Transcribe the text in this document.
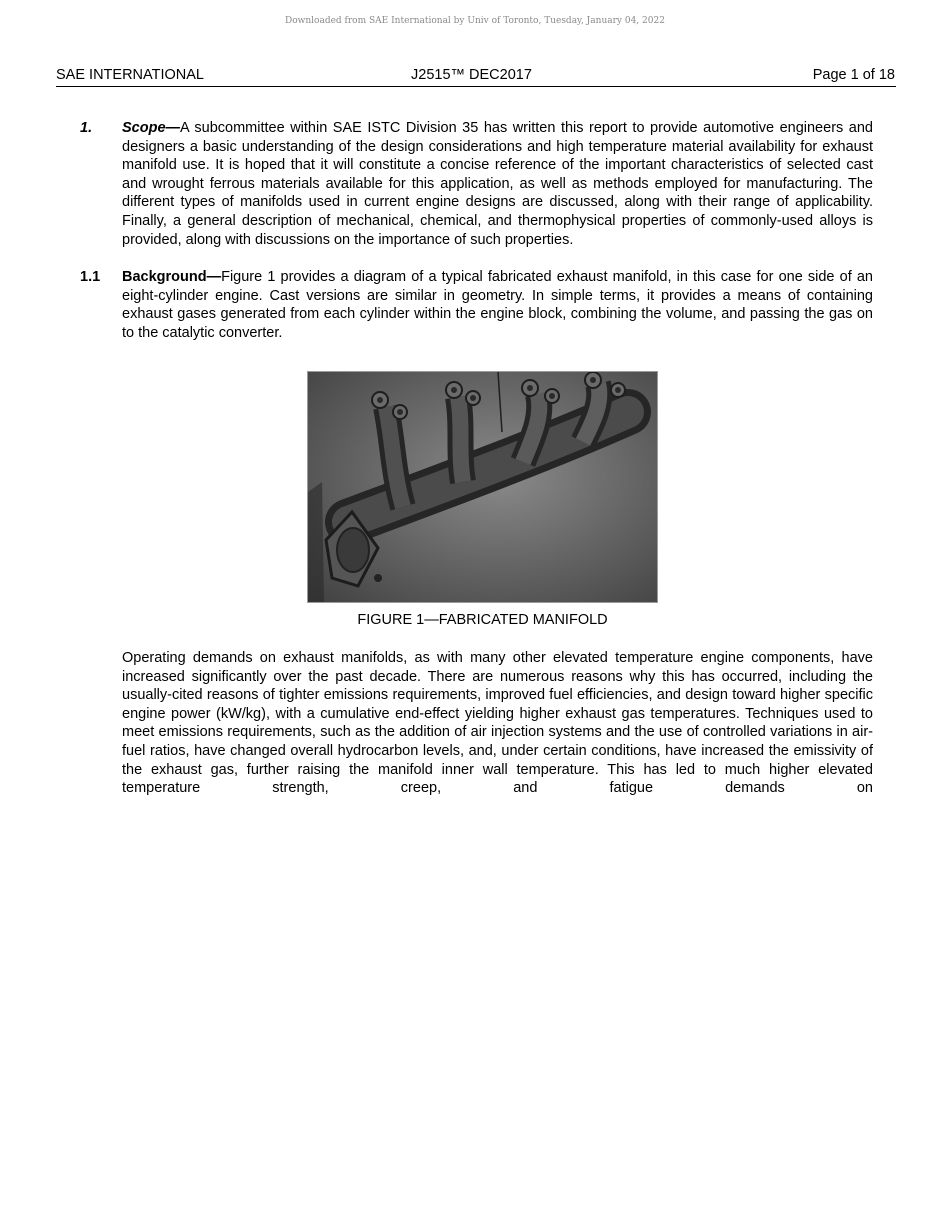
Downloaded from SAE International by Univ of Toronto, Tuesday, January 04, 2022
SAE INTERNATIONAL	J2515™ DEC2017	Page 1 of 18
1. Scope—A subcommittee within SAE ISTC Division 35 has written this report to provide automotive engineers and designers a basic understanding of the design considerations and high temperature material availability for exhaust manifold use. It is hoped that it will constitute a concise reference of the important characteristics of selected cast and wrought ferrous materials available for this application, as well as methods employed for manufacturing. The different types of manifolds used in current engine designs are discussed, along with their range of applicability. Finally, a general description of mechanical, chemical, and thermophysical properties of commonly-used alloys is provided, along with discussions on the importance of such properties.
1.1 Background—Figure 1 provides a diagram of a typical fabricated exhaust manifold, in this case for one side of an eight-cylinder engine. Cast versions are similar in geometry. In simple terms, it provides a means of containing exhaust gases generated from each cylinder within the engine block, combining the volume, and passing the gas on to the catalytic converter.
FIGURE 1—FABRICATED MANIFOLD
Operating demands on exhaust manifolds, as with many other elevated temperature engine components, have increased significantly over the past decade. There are numerous reasons why this has occurred, including the usually-cited reasons of tighter emissions requirements, improved fuel efficiencies, and design toward higher specific engine power (kW/kg), with a cumulative end-effect yielding higher exhaust gas temperatures. Techniques used to meet emissions requirements, such as the addition of air injection systems and the use of controlled variations in air-fuel ratios, have changed overall hydrocarbon levels, and, under certain conditions, have increased the emissivity of the exhaust gas, further raising the manifold inner wall temperature. This has led to much higher elevated temperature strength, creep, and fatigue demands on
